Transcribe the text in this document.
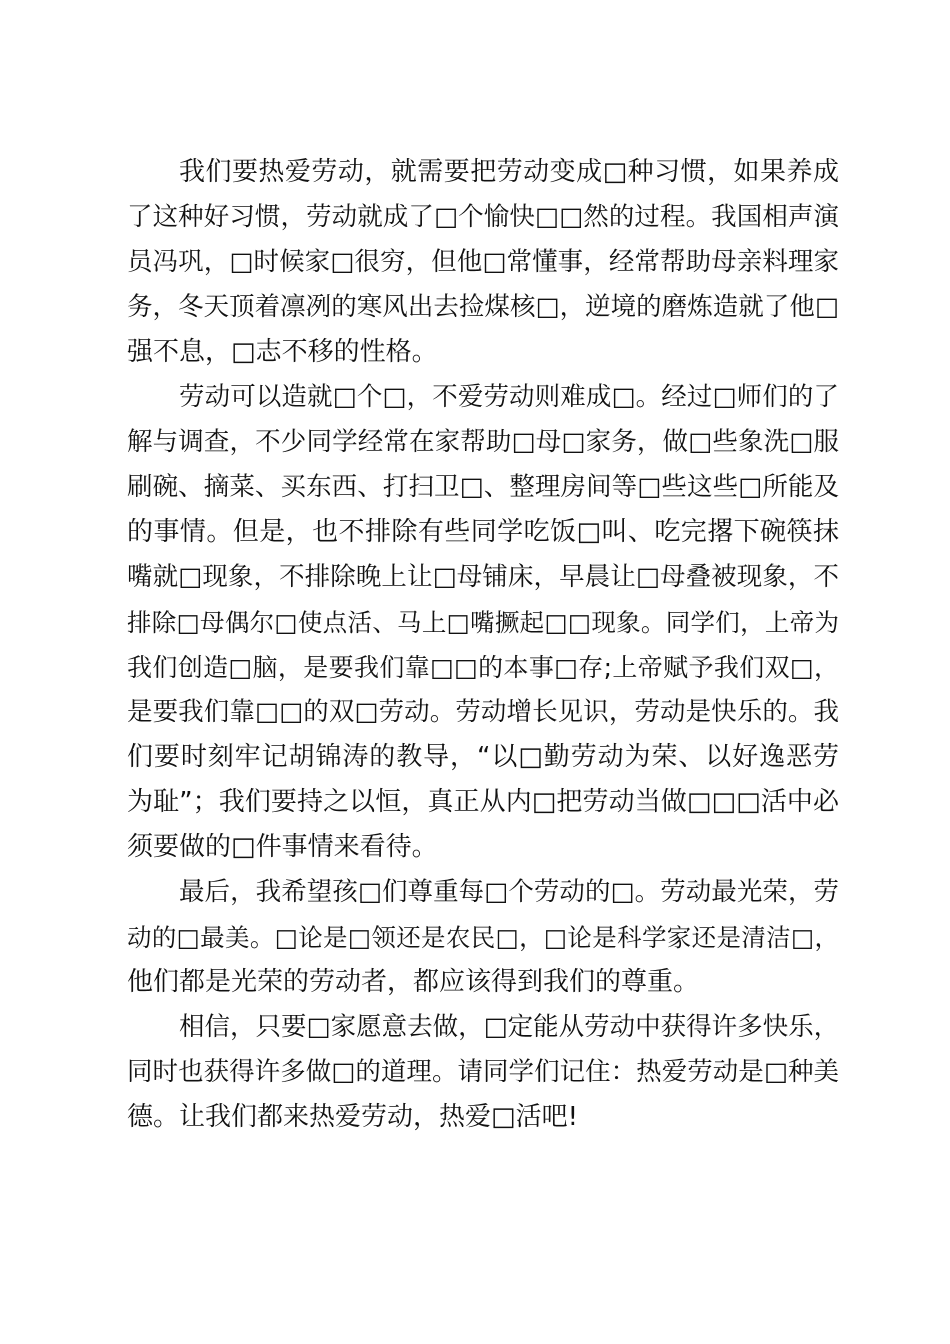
我们要热爱劳动，就需要把劳动变成□种习惯，如果养成
了这种好习惯，劳动就成了□个愉快□□然的过程。我国相声演
员冯巩，□时候家□很穷，但他□常懂事，经常帮助母亲料理家
务，冬天顶着凛冽的寒风出去捡煤核□，逆境的磨炼造就了他□
强不息，□志不移的性格。
劳动可以造就□个□，不爱劳动则难成□。经过□师们的了
解与调查，不少同学经常在家帮助□母□家务，做□些象洗□服
刷碗、摘菜、买东西、打扫卫□、整理房间等□些这些□所能及
的事情。但是，也不排除有些同学吃饭□叫、吃完撂下碗筷抹
嘴就□现象，不排除晚上让□母铺床，早晨让□母叠被现象，不
排除□母偶尔□使点活、马上□嘴撅起□□现象。同学们，上帝为
我们创造□脑，是要我们靠□□的本事□存;上帝赋予我们双□，
是要我们靠□□的双□劳动。劳动增长见识，劳动是快乐的。我
们要时刻牢记胡锦涛的教导，“以□勤劳动为荣、以好逸恶劳
为耻”；我们要持之以恒，真正从内□把劳动当做□□□活中必
须要做的□件事情来看待。
最后，我希望孩□们尊重每□个劳动的□。劳动最光荣，劳
动的□最美。□论是□领还是农民□，□论是科学家还是清洁□，
他们都是光荣的劳动者，都应该得到我们的尊重。
相信，只要□家愿意去做，□定能从劳动中获得许多快乐，
同时也获得许多做□的道理。请同学们记住：热爱劳动是□种美
德。让我们都来热爱劳动，热爱□活吧!
